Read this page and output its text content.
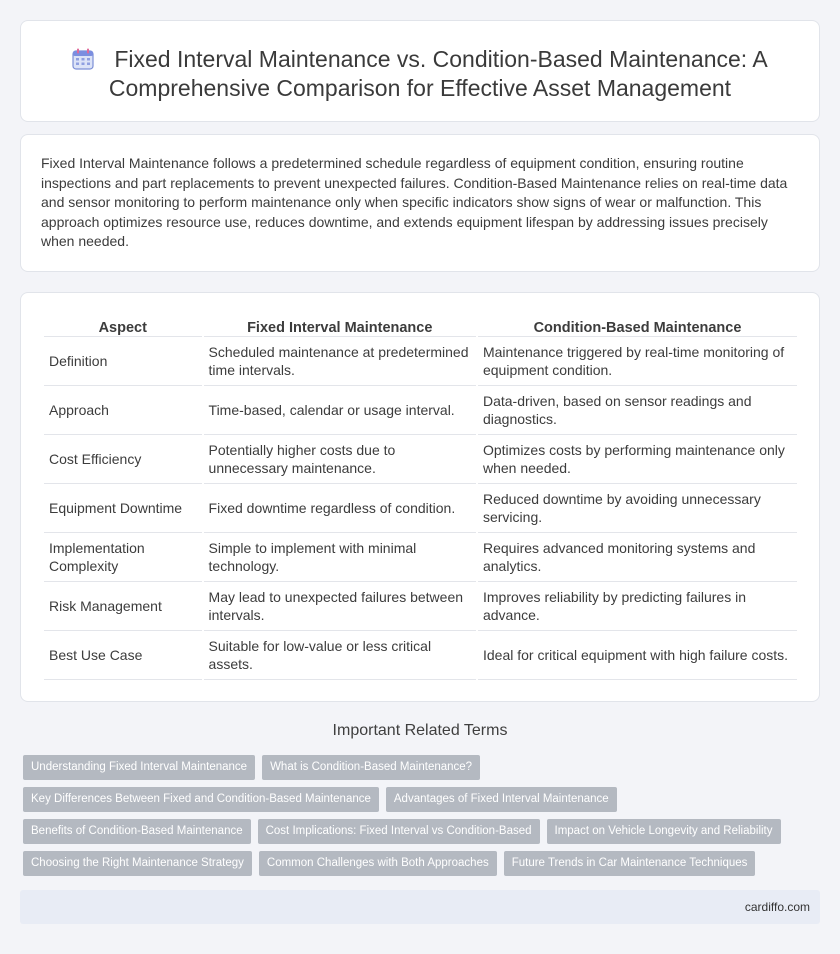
Fixed Interval Maintenance vs. Condition-Based Maintenance: A Comprehensive Comparison for Effective Asset Management

Fixed Interval Maintenance follows a predetermined schedule regardless of equipment condition, ensuring routine inspections and part replacements to prevent unexpected failures. Condition-Based Maintenance relies on real-time data and sensor monitoring to perform maintenance only when specific indicators show signs of wear or malfunction. This approach optimizes resource use, reduces downtime, and extends equipment lifespan by addressing issues precisely when needed.

Aspect	Fixed Interval Maintenance	Condition-Based Maintenance
Definition	Scheduled maintenance at predetermined time intervals.	Maintenance triggered by real-time monitoring of equipment condition.
Approach	Time-based, calendar or usage interval.	Data-driven, based on sensor readings and diagnostics.
Cost Efficiency	Potentially higher costs due to unnecessary maintenance.	Optimizes costs by performing maintenance only when needed.
Equipment Downtime	Fixed downtime regardless of condition.	Reduced downtime by avoiding unnecessary servicing.
Implementation Complexity	Simple to implement with minimal technology.	Requires advanced monitoring systems and analytics.
Risk Management	May lead to unexpected failures between intervals.	Improves reliability by predicting failures in advance.
Best Use Case	Suitable for low-value or less critical assets.	Ideal for critical equipment with high failure costs.
Important Related Terms
Understanding Fixed Interval Maintenance	What is Condition-Based Maintenance?
Key Differences Between Fixed and Condition-Based Maintenance	Advantages of Fixed Interval Maintenance
Benefits of Condition-Based Maintenance	Cost Implications: Fixed Interval vs Condition-Based	Impact on Vehicle Longevity and Reliability
Choosing the Right Maintenance Strategy	Common Challenges with Both Approaches	Future Trends in Car Maintenance Techniques
cardiffo.com
